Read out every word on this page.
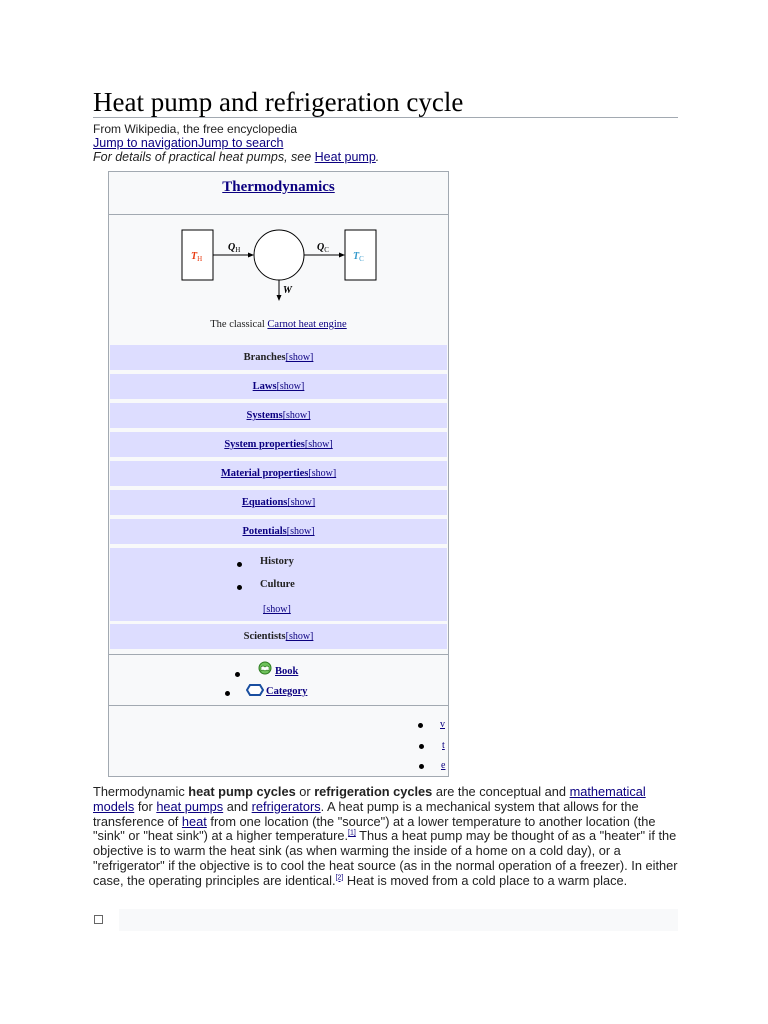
Heat pump and refrigeration cycle
From Wikipedia, the free encyclopedia
Jump to navigationJump to search
For details of practical heat pumps, see Heat pump.
Thermodynamics
$T_H$	$T_C$
$Q_H$	$Q_C$
W
The classical Carnot heat engine
Branches[show]
Laws[show]
Systems[show]
System properties[show]
Material properties[show]
Equations[show]
Potentials[show]
History
Culture
[show]
Scientists[show]
Book
Category
v
t
e

Thermodynamic heat pump cycles or refrigeration cycles are the conceptual and mathematical models for heat pumps and refrigerators. A heat pump is a mechanical system that allows for the transference of heat from one location (the "source") at a lower temperature to another location (the "sink" or "heat sink") at a higher temperature.[1] Thus a heat pump may be thought of as a "heater" if the objective is to warm the heat sink (as when warming the inside of a home on a cold day), or a "refrigerator" if the objective is to cool the heat source (as in the normal operation of a freezer). In either case, the operating principles are identical.[2] Heat is moved from a cold place to a warm place.
